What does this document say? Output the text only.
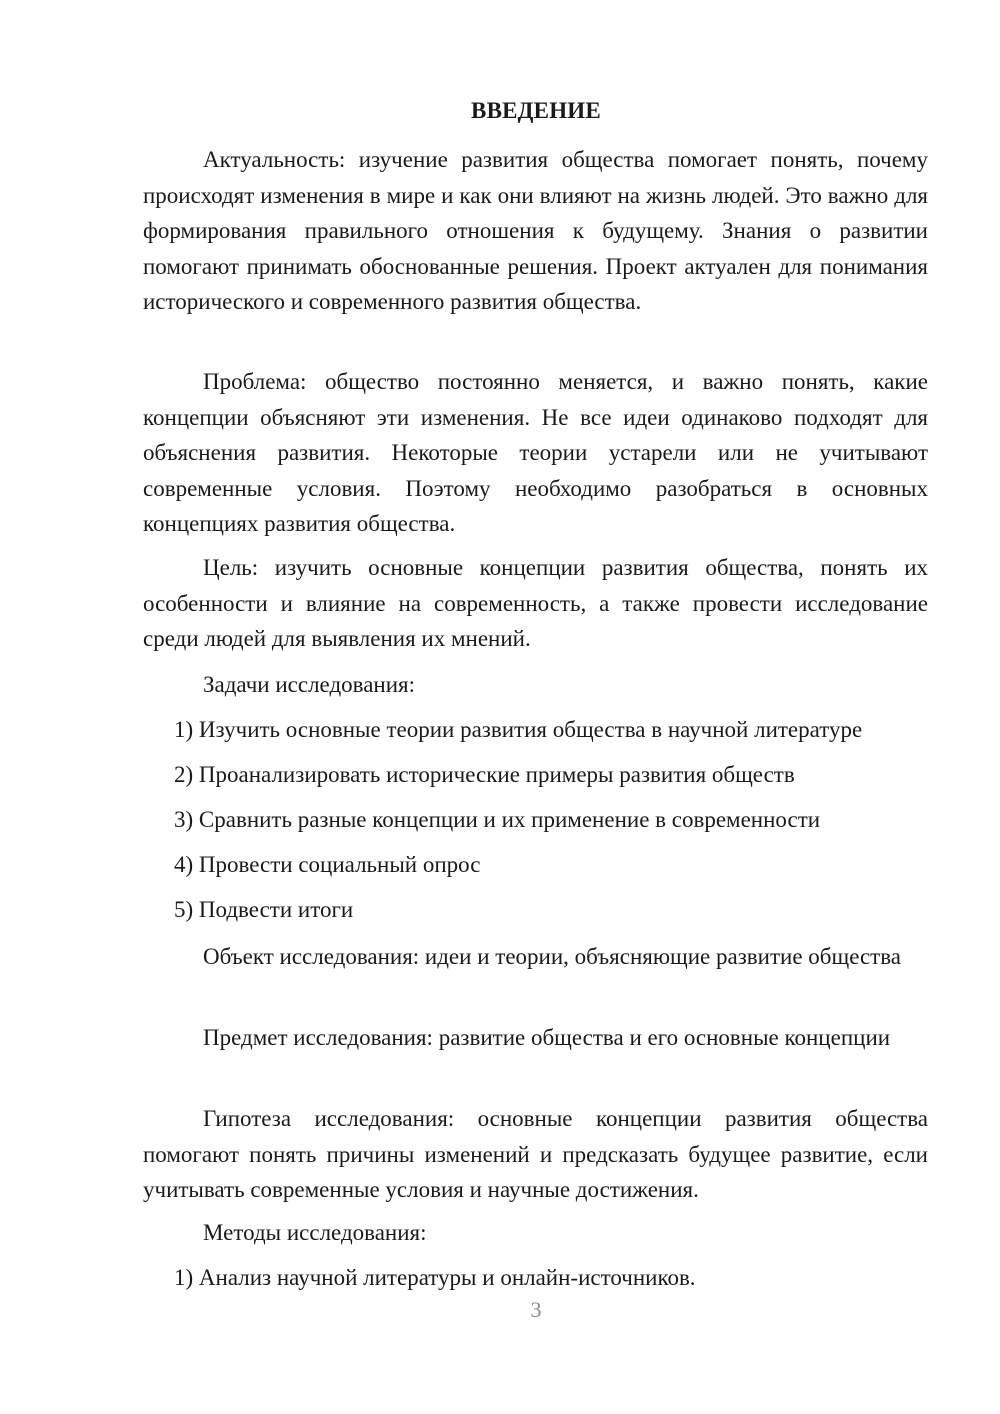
ВВЕДЕНИЕ

Актуальность: изучение развития общества помогает понять, почему происходят изменения в мире и как они влияют на жизнь людей. Это важно для формирования правильного отношения к будущему. Знания о развитии помогают принимать обоснованные решения. Проект актуален для понимания исторического и современного развития общества.

Проблема: общество постоянно меняется, и важно понять, какие концепции объясняют эти изменения. Не все идеи одинаково подходят для объяснения развития. Некоторые теории устарели или не учитывают современные условия. Поэтому необходимо разобраться в основных концепциях развития общества.

Цель: изучить основные концепции развития общества, понять их особенности и влияние на современность, а также провести исследование среди людей для выявления их мнений.

Задачи исследования:

1) Изучить основные теории развития общества в научной литературе

2) Проанализировать исторические примеры развития обществ

3) Сравнить разные концепции и их применение в современности

4) Провести социальный опрос

5) Подвести итоги

Объект исследования: идеи и теории, объясняющие развитие общества

Предмет исследования: развитие общества и его основные концепции

Гипотеза исследования: основные концепции развития общества помогают понять причины изменений и предсказать будущее развитие, если учитывать современные условия и научные достижения.

Методы исследования:

1) Анализ научной литературы и онлайн-источников.

3
